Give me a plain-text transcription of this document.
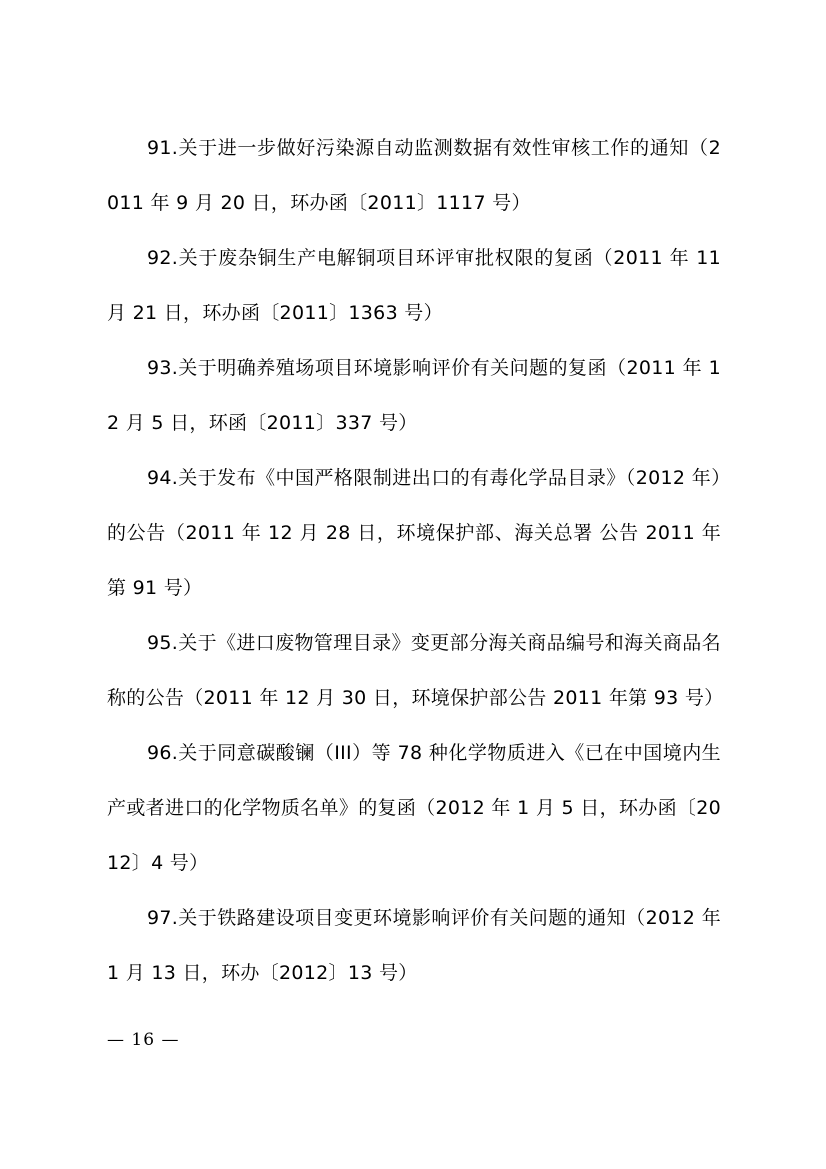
91.关于进一步做好污染源自动监测数据有效性审核工作的通知（2011 年 9 月 20 日，环办函〔2011〕1117 号）

92.关于废杂铜生产电解铜项目环评审批权限的复函（2011 年 11 月 21 日，环办函〔2011〕1363 号）

93.关于明确养殖场项目环境影响评价有关问题的复函（2011 年 12 月 5 日，环函〔2011〕337 号）

94.关于发布《中国严格限制进出口的有毒化学品目录》（2012 年）的公告（2011 年 12 月 28 日，环境保护部、海关总署 公告 2011 年第 91 号）

95.关于《进口废物管理目录》变更部分海关商品编号和海关商品名称的公告（2011 年 12 月 30 日，环境保护部公告 2011 年第 93 号）

96.关于同意碳酸镧（III）等 78 种化学物质进入《已在中国境内生产或者进口的化学物质名单》的复函（2012 年 1 月 5 日，环办函〔2012〕4 号）

97.关于铁路建设项目变更环境影响评价有关问题的通知（2012 年 1 月 13 日，环办〔2012〕13 号）

— 16 —
